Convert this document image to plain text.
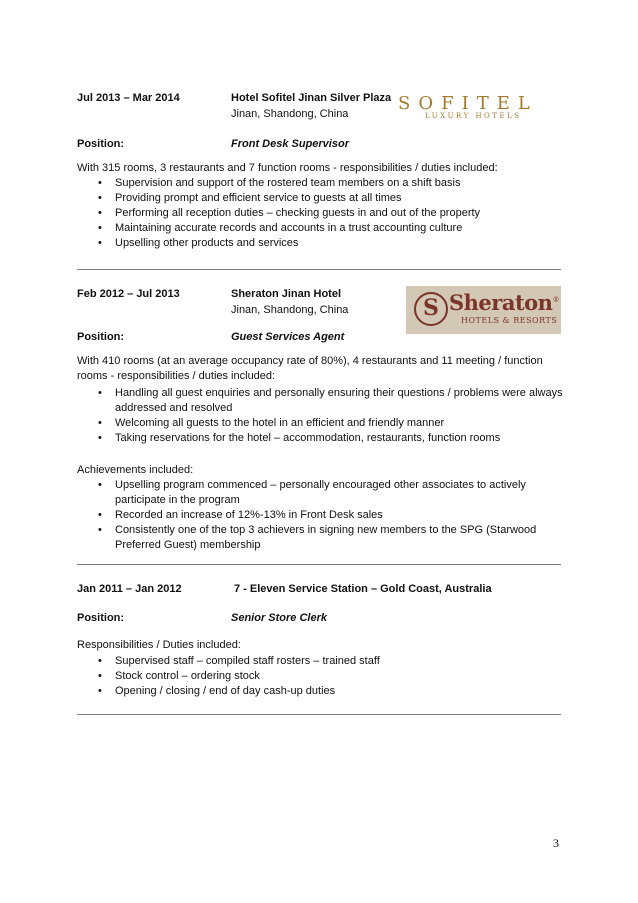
Jul 2013 – Mar 2014	Hotel Sofitel Jinan Silver Plaza
Jinan, Shandong, China	SOFITEL
LUXURY HOTELS
Position:	Front Desk Supervisor
With 315 rooms, 3 restaurants and 7 function rooms - responsibilities / duties included:
• Supervision and support of the rostered team members on a shift basis
• Providing prompt and efficient service to guests at all times
• Performing all reception duties – checking guests in and out of the property
• Maintaining accurate records and accounts in a trust accounting culture
• Upselling other products and services
Feb 2012 – Jul 2013	Sheraton Jinan Hotel
Jinan, Shandong, China	S Sheraton®
HOTELS & RESORTS
Position:	Guest Services Agent
With 410 rooms (at an average occupancy rate of 80%), 4 restaurants and 11 meeting / function
rooms - responsibilities / duties included:
• Handling all guest enquiries and personally ensuring their questions / problems were always
addressed and resolved
• Welcoming all guests to the hotel in an efficient and friendly manner
• Taking reservations for the hotel – accommodation, restaurants, function rooms
Achievements included:
• Upselling program commenced – personally encouraged other associates to actively
participate in the program
• Recorded an increase of 12%-13% in Front Desk sales
• Consistently one of the top 3 achievers in signing new members to the SPG (Starwood
Preferred Guest) membership
Jan 2011 – Jan 2012	7 - Eleven Service Station – Gold Coast, Australia
Position:	Senior Store Clerk
Responsibilities / Duties included:
• Supervised staff – compiled staff rosters – trained staff
• Stock control – ordering stock
• Opening / closing / end of day cash-up duties
3
